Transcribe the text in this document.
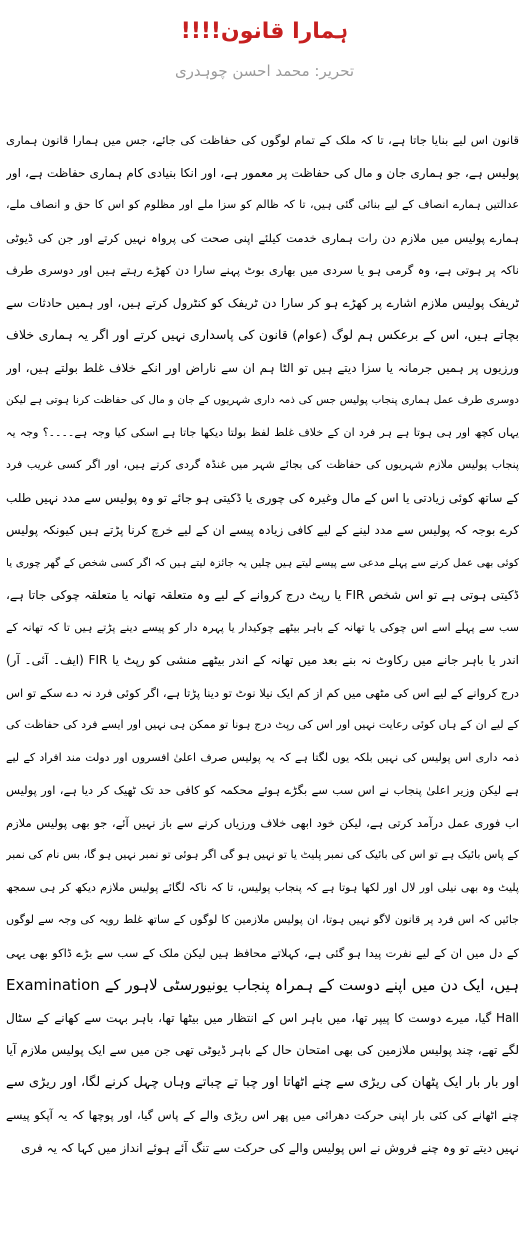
ہمارا قانون!!!!

تحریر: محمد احسن چوہدری

قانون اس لیے بنایا جاتا ہے، تا کہ ملک کے تمام لوگوں کی حفاظت کی جائے، جس میں ہمارا قانون ہماری
پولیس ہے، جو ہماری جان و مال کی حفاظت پر معمور ہے، اور انکا بنیادی کام ہماری حفاظت ہے، اور
عدالتیں ہمارے انصاف کے لیے بنائی گئی ہیں، تا کہ ظالم کو سزا ملے اور مظلوم کو اس کا حق و انصاف ملے،
ہمارے پولیس میں ملازم دن رات ہماری خدمت کیلئے اپنی صحت کی پرواہ نہیں کرتے اور جن کی ڈیوٹی
ناکہ پر ہوتی ہے، وہ گرمی ہو یا سردی میں بھاری بوٹ پہنے سارا دن کھڑے رہتے ہیں اور دوسری طرف
ٹریفک پولیس ملازم اشارے پر کھڑے ہو کر سارا دن ٹریفک کو کنٹرول کرتے ہیں، اور ہمیں حادثات سے
بچاتے ہیں، اس کے برعکس ہم لوگ (عوام) قانون کی پاسداری نہیں کرتے اور اگر یہ ہماری خلاف
ورزیوں پر ہمیں جرمانہ یا سزا دیتے ہیں تو الٹا ہم ان سے ناراض اور انکے خلاف غلط بولتے ہیں، اور
دوسری طرف عمل ہماری پنجاب پولیس جس کی ذمہ داری شہریوں کے جان و مال کی حفاظت کرنا ہوتی ہے لیکن
یہاں کچھ اور ہی ہوتا ہے ہر فرد ان کے خلاف غلط لفظ بولتا دیکھا جاتا ہے اسکی کیا وجہ ہے۔۔۔۔؟ وجہ یہ
پنجاب پولیس ملازم شہریوں کی حفاظت کی بجائے شہر میں غنڈہ گردی کرتے ہیں، اور اگر کسی غریب فرد
کے ساتھ کوئی زیادتی یا اس کے مال وغیرہ کی چوری یا ڈکیتی ہو جائے تو وہ پولیس سے مدد نہیں طلب
کرے بوجہ کہ پولیس سے مدد لینے کے لیے کافی زیادہ پیسے ان کے لیے خرچ کرنا پڑتے ہیں کیونکہ پولیس
کوئی بھی عمل کرنے سے پہلے مدعی سے پیسے لیتے ہیں چلیں یہ جائزہ لیتے ہیں کہ اگر کسی شخص کے گھر چوری یا
ڈکیتی ہوتی ہے تو اس شخص FIR یا رپٹ درج کروانے کے لیے وہ متعلقہ تھانہ یا متعلقہ چوکی جاتا ہے،
سب سے پہلے اسے اس چوکی یا تھانہ کے باہر بیٹھے چوکیدار یا پہرہ دار کو پیسے دینے پڑتے ہیں تا کہ تھانہ کے
اندر یا باہر جانے میں رکاوٹ نہ بنے بعد میں تھانہ کے اندر بیٹھے منشی کو رپٹ یا FIR (ایف۔ آئی۔ آر)
درج کروانے کے لیے اس کی مٹھی میں کم از کم ایک نیلا نوٹ تو دینا پڑتا ہے، اگر کوئی فرد نہ دے سکے تو اس
کے لیے ان کے ہاں کوئی رعایت نہیں اور اس کی رپٹ درج ہونا تو ممکن ہی نہیں اور ایسے فرد کی حفاظت کی
ذمہ داری اس پولیس کی نہیں بلکہ یوں لگتا ہے کہ یہ پولیس صرف اعلیٰ افسروں اور دولت مند افراد کے لیے
ہے لیکن وزیر اعلیٰ پنجاب نے اس سب سے بگڑے ہوئے محکمہ کو کافی حد تک ٹھیک کر دیا ہے، اور پولیس
اب فوری عمل درآمد کرتی ہے، لیکن خود ابھی خلاف ورزیاں کرنے سے باز نہیں آئے، جو بھی پولیس ملازم
کے پاس بائیک ہے تو اس کی بائیک کی نمبر پلیٹ یا تو نہیں ہو گی اگر ہوئی تو نمبر نہیں ہو گا، بس نام کی نمبر
پلیٹ وہ بھی نیلی اور لال اور لکھا ہوتا ہے کہ پنجاب پولیس، تا کہ ناکہ لگائے پولیس ملازم دیکھ کر ہی سمجھ
جائیں کہ اس فرد پر قانون لاگو نہیں ہوتا، ان پولیس ملازمین کا لوگوں کے ساتھ غلط رویہ کی وجہ سے لوگوں
کے دل میں ان کے لیے نفرت پیدا ہو گئی ہے، کہلاتے محافظ ہیں لیکن ملک کے سب سے بڑے ڈاکو بھی یہی
ہیں، ایک دن میں اپنے دوست کے ہمراہ پنجاب یونیورسٹی لاہور کے Examination
Hall گیا، میرے دوست کا پیپر تھا، میں باہر اس کے انتظار میں بیٹھا تھا، باہر بہت سے کھانے کے سٹال
لگے تھے، چند پولیس ملازمین کی بھی امتحان حال کے باہر ڈیوٹی تھی جن میں سے ایک پولیس ملازم آیا
اور بار بار ایک پٹھان کی ریڑی سے چنے اٹھاتا اور چبا تے چباتے وہاں چہل کرنے لگا، اور ریڑی سے
چنے اٹھانے کی کئی بار اپنی حرکت دھرائی میں پھر اس ریڑی والے کے پاس گیا، اور پوچھا کہ یہ آپکو پیسے
نہیں دیتے تو وہ چنے فروش نے اس پولیس والے کی حرکت سے تنگ آئے ہوئے انداز میں کہا کہ یہ فری
